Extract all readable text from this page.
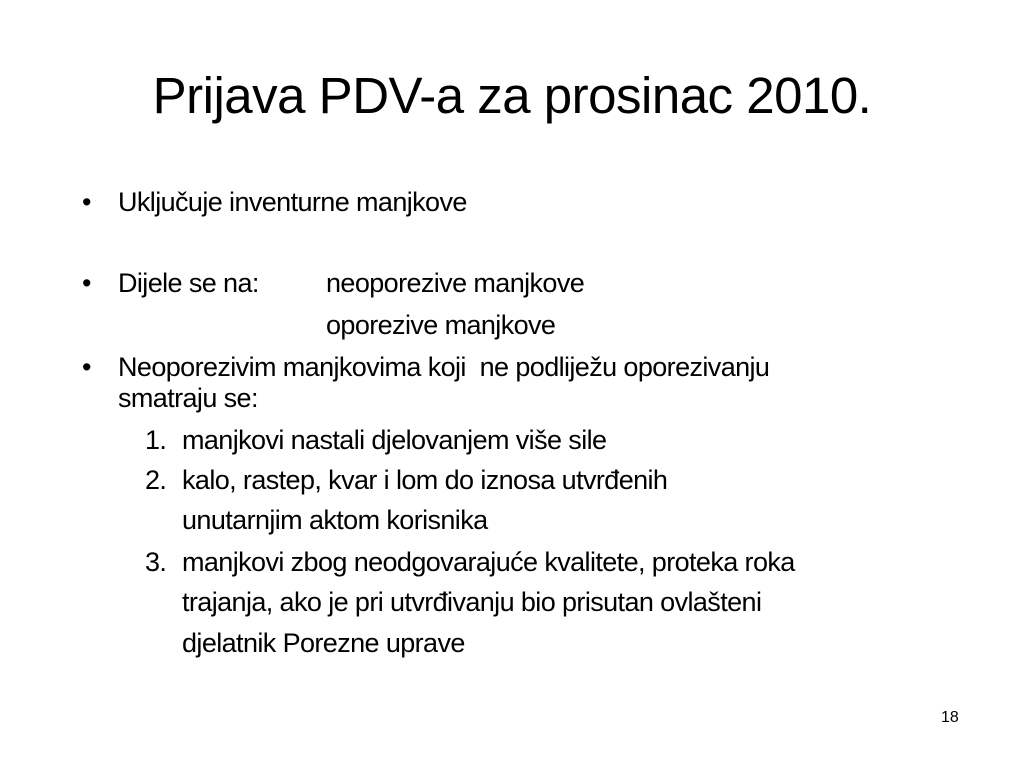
Prijava PDV-a za prosinac 2010.
• Uključuje inventurne manjkove
• Dijele se na: neoporezive manjkove
oporezive manjkove
• Neoporezivim manjkovima koji  ne podliježu oporezivanju
smatraju se:
1. manjkovi nastali djelovanjem više sile
2. kalo, rastep, kvar i lom do iznosa utvrđenih
unutarnjim aktom korisnika
3. manjkovi zbog neodgovarajuće kvalitete, proteka roka
trajanja, ako je pri utvrđivanju bio prisutan ovlašteni
djelatnik Porezne uprave
18
